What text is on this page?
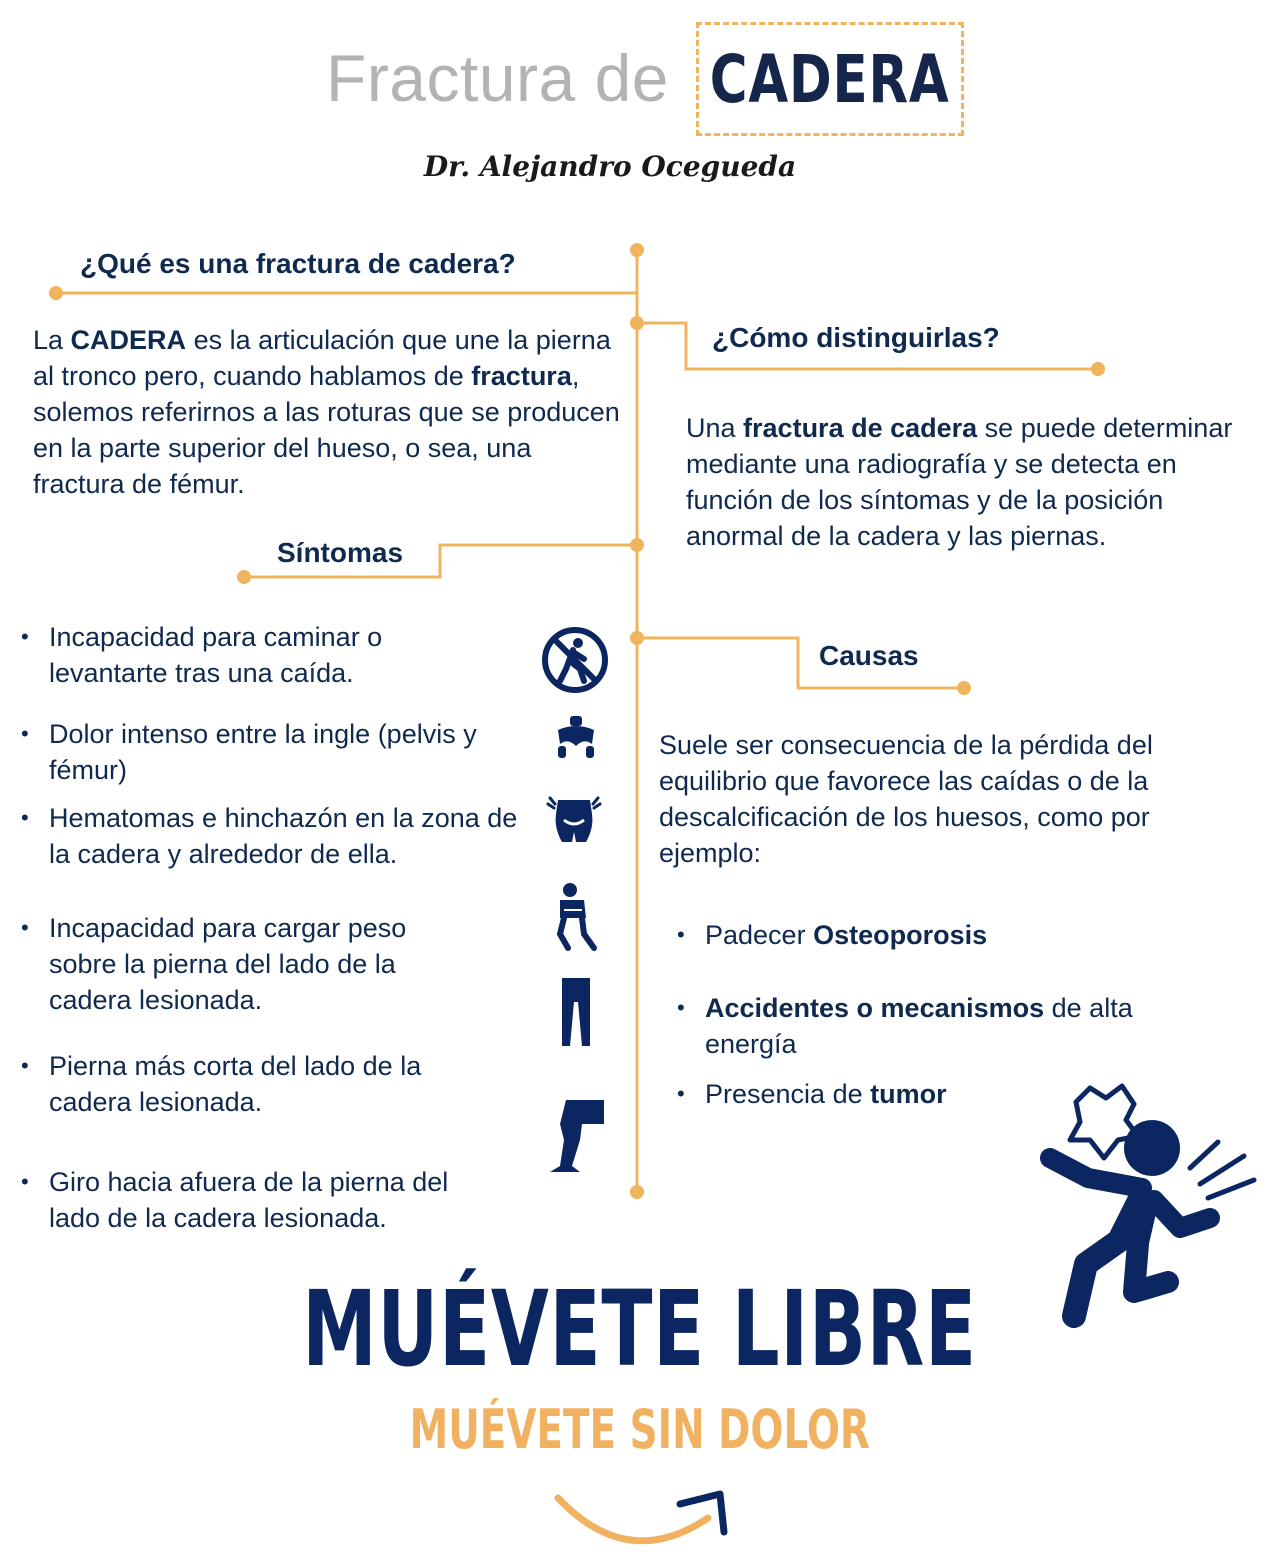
Fractura de CADERA
Dr. Alejandro Ocegueda
¿Qué es una fractura de cadera?
La CADERA es la articulación que une la pierna al tronco pero, cuando hablamos de fractura, solemos referirnos a las roturas que se producen en la parte superior del hueso, o sea, una fractura de fémur.
¿Cómo distinguirlas?
Una fractura de cadera se puede determinar mediante una radiografía y se detecta en función de los síntomas y de la posición anormal de la cadera y las piernas.
Síntomas
• Incapacidad para caminar o levantarte tras una caída.
• Dolor intenso entre la ingle (pelvis y fémur)
• Hematomas e hinchazón en la zona de la cadera y alrededor de ella.
• Incapacidad para cargar peso sobre la pierna del lado de la cadera lesionada.
• Pierna más corta del lado de la cadera lesionada.
• Giro hacia afuera de la pierna del lado de la cadera lesionada.
Causas
Suele ser consecuencia de la pérdida del equilibrio que favorece las caídas o de la descalcificación de los huesos, como por ejemplo:
• Padecer Osteoporosis
• Accidentes o mecanismos de alta energía
• Presencia de tumor
MUÉVETE LIBRE
MUÉVETE SIN DOLOR
